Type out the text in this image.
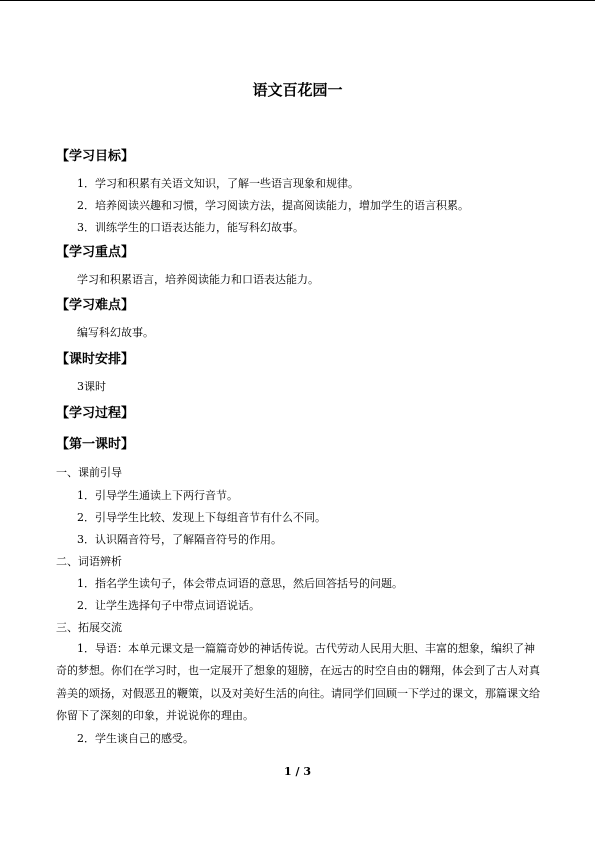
语文百花园一
【学习目标】
1．学习和积累有关语文知识，了解一些语言现象和规律。
2．培养阅读兴趣和习惯，学习阅读方法，提高阅读能力，增加学生的语言积累。
3．训练学生的口语表达能力，能写科幻故事。
【学习重点】
学习和积累语言，培养阅读能力和口语表达能力。
【学习难点】
编写科幻故事。
【课时安排】
3课时
【学习过程】
【第一课时】
一、课前引导
1．引导学生通读上下两行音节。
2．引导学生比较、发现上下每组音节有什么不同。
3．认识隔音符号，了解隔音符号的作用。
二、词语辨析
1．指名学生读句子，体会带点词语的意思，然后回答括号的问题。
2．让学生选择句子中带点词语说话。
三、拓展交流
1．导语：本单元课文是一篇篇奇妙的神话传说。古代劳动人民用大胆、丰富的想象，编织了神奇的梦想。你们在学习时，也一定展开了想象的翅膀，在远古的时空自由的翱翔，体会到了古人对真善美的颂扬，对假恶丑的鞭策，以及对美好生活的向往。请同学们回顾一下学过的课文，那篇课文给你留下了深刻的印象，并说说你的理由。
2．学生谈自己的感受。
1 / 3
